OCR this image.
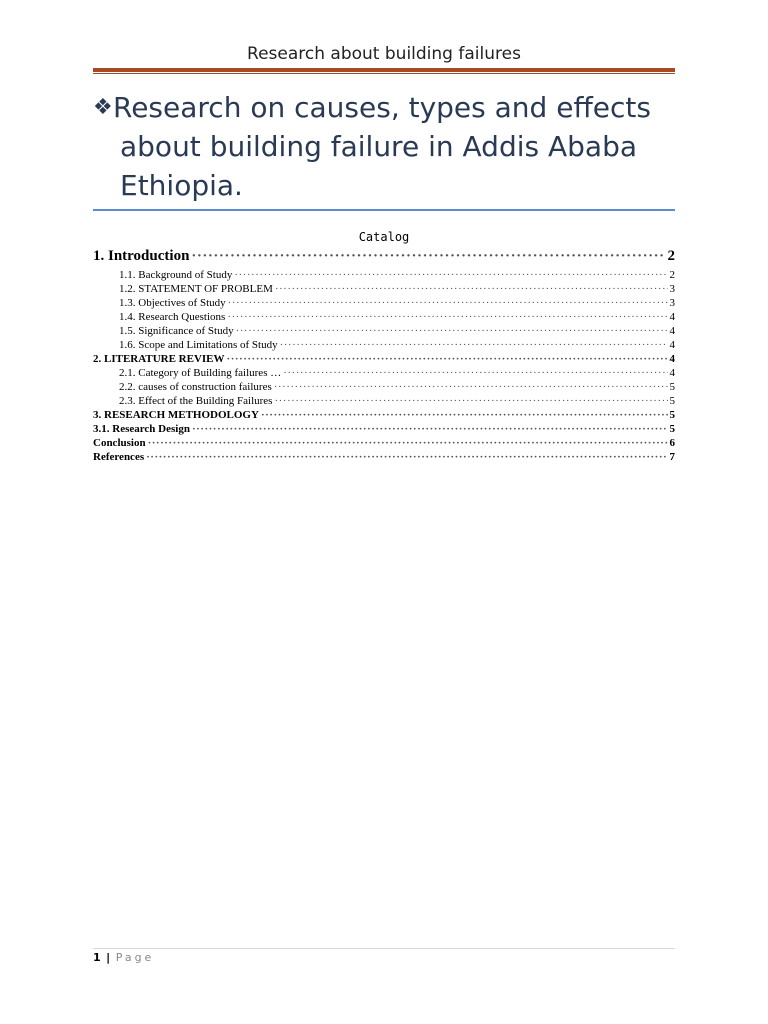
Research about building failures
❖ Research on causes, types and effects
about building failure in Addis Ababa
Ethiopia.
Catalog
1. Introduction ·····	2
1.1. Background of Study ·····	2
1.2. STATEMENT OF PROBLEM ·····	3
1.3. Objectives of Study ·····	3
1.4. Research Questions ·····	4
1.5. Significance of Study ·····	4
1.6. Scope and Limitations of Study ·····	4
2. LITERATURE REVIEW ·····	4
2.1. Category of Building failures … ·····	4
2.2. causes of construction failures ·····	5
2.3. Effect of the Building Failures ·····	5
3. RESEARCH METHODOLOGY ·····	5
3.1. Research Design ·····	5
Conclusion ·····	6
References ·····	7
1 | Page
